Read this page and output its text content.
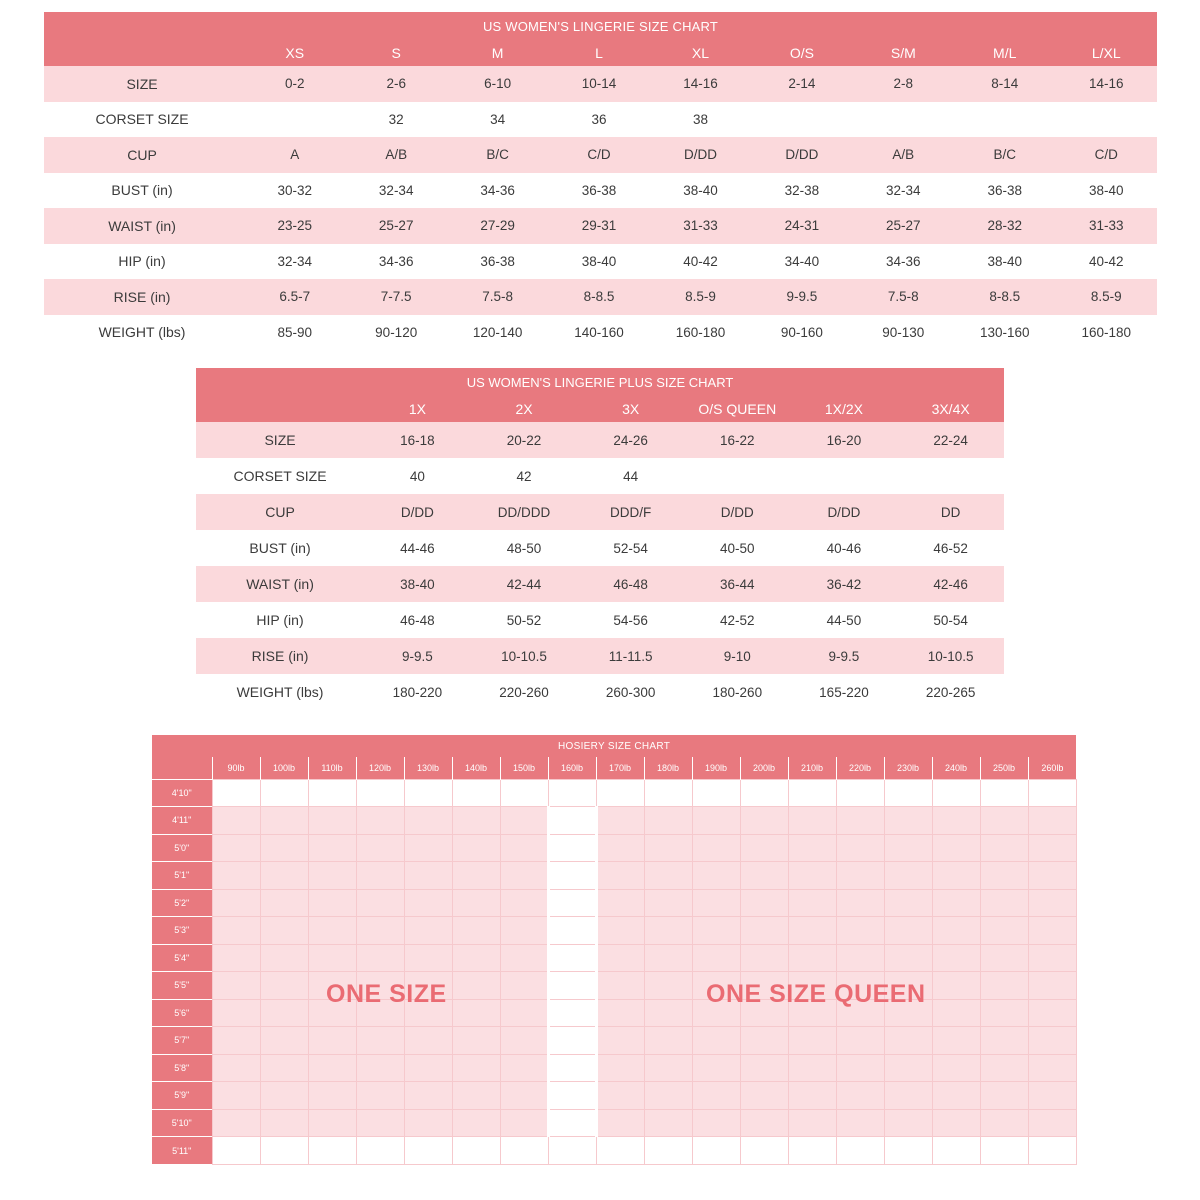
US WOMEN'S LINGERIE SIZE CHART									
	XS	S	M	L	XL	O/S	S/M	M/L	L/XL
SIZE	0-2	2-6	6-10	10-14	14-16	2-14	2-8	8-14	14-16
CORSET SIZE		32	34	36	38				
CUP	A	A/B	B/C	C/D	D/DD	D/DD	A/B	B/C	C/D
BUST (in)	30-32	32-34	34-36	36-38	38-40	32-38	32-34	36-38	38-40
WAIST (in)	23-25	25-27	27-29	29-31	31-33	24-31	25-27	28-32	31-33
HIP (in)	32-34	34-36	36-38	38-40	40-42	34-40	34-36	38-40	40-42
RISE (in)	6.5-7	7-7.5	7.5-8	8-8.5	8.5-9	9-9.5	7.5-8	8-8.5	8.5-9
WEIGHT (lbs)	85-90	90-120	120-140	140-160	160-180	90-160	90-130	130-160	160-180
US WOMEN'S LINGERIE PLUS SIZE CHART						
	1X	2X	3X	O/S QUEEN	1X/2X	3X/4X
SIZE	16-18	20-22	24-26	16-22	16-20	22-24
CORSET SIZE	40	42	44			
CUP	D/DD	DD/DDD	DDD/F	D/DD	D/DD	DD
BUST (in)	44-46	48-50	52-54	40-50	40-46	46-52
WAIST (in)	38-40	42-44	46-48	36-44	36-42	42-46
HIP (in)	46-48	50-52	54-56	42-52	44-50	50-54
RISE (in)	9-9.5	10-10.5	11-11.5	9-10	9-9.5	10-10.5
WEIGHT (lbs)	180-220	220-260	260-300	180-260	165-220	220-265
HOSIERY SIZE CHART																		
	90lb	100lb	110lb	120lb	130lb	140lb	150lb	160lb	170lb	180lb	190lb	200lb	210lb	220lb	230lb	240lb	250lb	260lb
4'10"																		
4'11"																		
5'0"																		
5'1"																		
5'2"																		
5'3"																		
5'4"																		
5'5"																		
5'6"																		
5'7"																		
5'8"																		
5'9"																		
5'10"																		
5'11"																		
ONE SIZE	ONE SIZE QUEEN
